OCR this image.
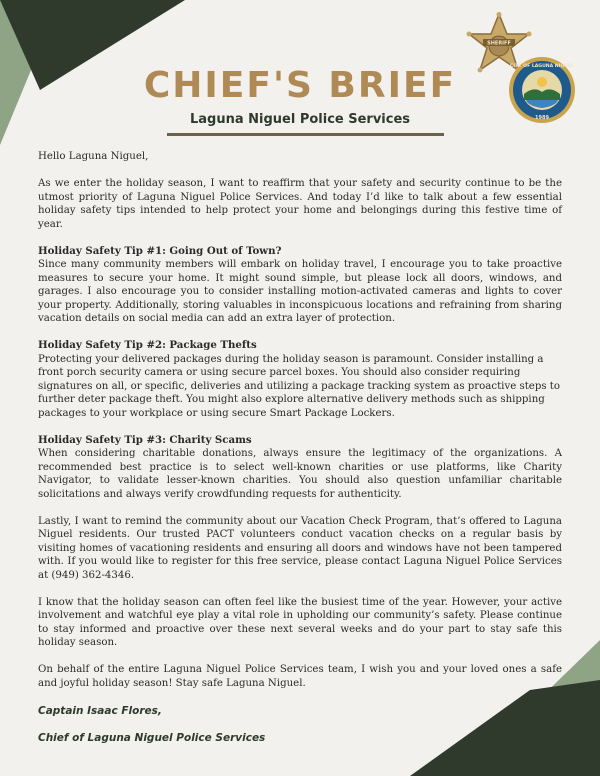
CHIEF'S BRIEF
Laguna Niguel Police Services
SHERIFF
CITY OF LAGUNA NIGUEL
1989

Hello Laguna Niguel,

As we enter the holiday season, I want to reaffirm that your safety and security continue to be the utmost priority of Laguna Niguel Police Services. And today I’d like to talk about a few essential holiday safety tips intended to help protect your home and belongings during this festive time of year.

Holiday Safety Tip #1: Going Out of Town?
Since many community members will embark on holiday travel, I encourage you to take proactive measures to secure your home. It might sound simple, but please lock all doors, windows, and garages. I also encourage you to consider installing motion-activated cameras and lights to cover your property. Additionally, storing valuables in inconspicuous locations and refraining from sharing vacation details on social media can add an extra layer of protection.

Holiday Safety Tip #2: Package Thefts
Protecting your delivered packages during the holiday season is paramount. Consider installing a front porch security camera or using secure parcel boxes. You should also consider requiring signatures on all, or specific, deliveries and utilizing a package tracking system as proactive steps to further deter package theft. You might also explore alternative delivery methods such as shipping packages to your workplace or using secure Smart Package Lockers.

Holiday Safety Tip #3: Charity Scams
When considering charitable donations, always ensure the legitimacy of the organizations. A recommended best practice is to select well-known charities or use platforms, like Charity Navigator, to validate lesser-known charities. You should also question unfamiliar charitable solicitations and always verify crowdfunding requests for authenticity.

Lastly, I want to remind the community about our Vacation Check Program, that’s offered to Laguna Niguel residents. Our trusted PACT volunteers conduct vacation checks on a regular basis by visiting homes of vacationing residents and ensuring all doors and windows have not been tampered with. If you would like to register for this free service, please contact Laguna Niguel Police Services at (949) 362-4346.

I know that the holiday season can often feel like the busiest time of the year. However, your active involvement and watchful eye play a vital role in upholding our community’s safety. Please continue to stay informed and proactive over these next several weeks and do your part to stay safe this holiday season.

On behalf of the entire Laguna Niguel Police Services team, I wish you and your loved ones a safe and joyful holiday season! Stay safe Laguna Niguel.

Captain Isaac Flores,

Chief of Laguna Niguel Police Services
